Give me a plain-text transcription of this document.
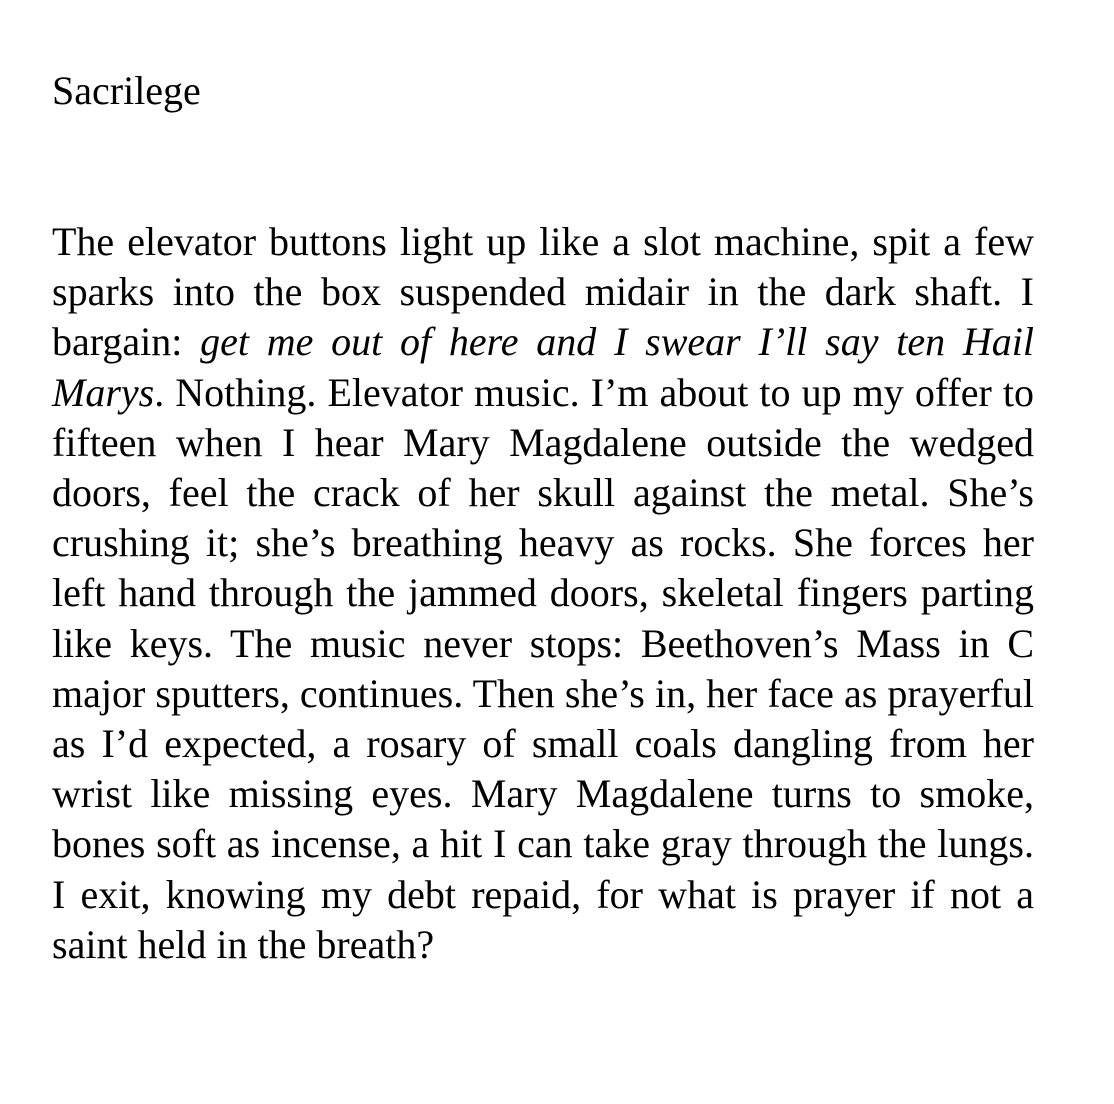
Sacrilege

The elevator buttons light up like a slot machine, spit a few sparks into the box suspended midair in the dark shaft. I bargain: get me out of here and I swear I’ll say ten Hail Marys. Nothing. Elevator music. I’m about to up my offer to fifteen when I hear Mary Magdalene outside the wedged doors, feel the crack of her skull against the metal. She’s crushing it; she’s breathing heavy as rocks. She forces her left hand through the jammed doors, skeletal fingers parting like keys. The music never stops: Beethoven’s Mass in C major sputters, continues. Then she’s in, her face as prayerful as I’d expected, a rosary of small coals dangling from her wrist like missing eyes. Mary Magdalene turns to smoke, bones soft as incense, a hit I can take gray through the lungs. I exit, knowing my debt repaid, for what is prayer if not a saint held in the breath?
